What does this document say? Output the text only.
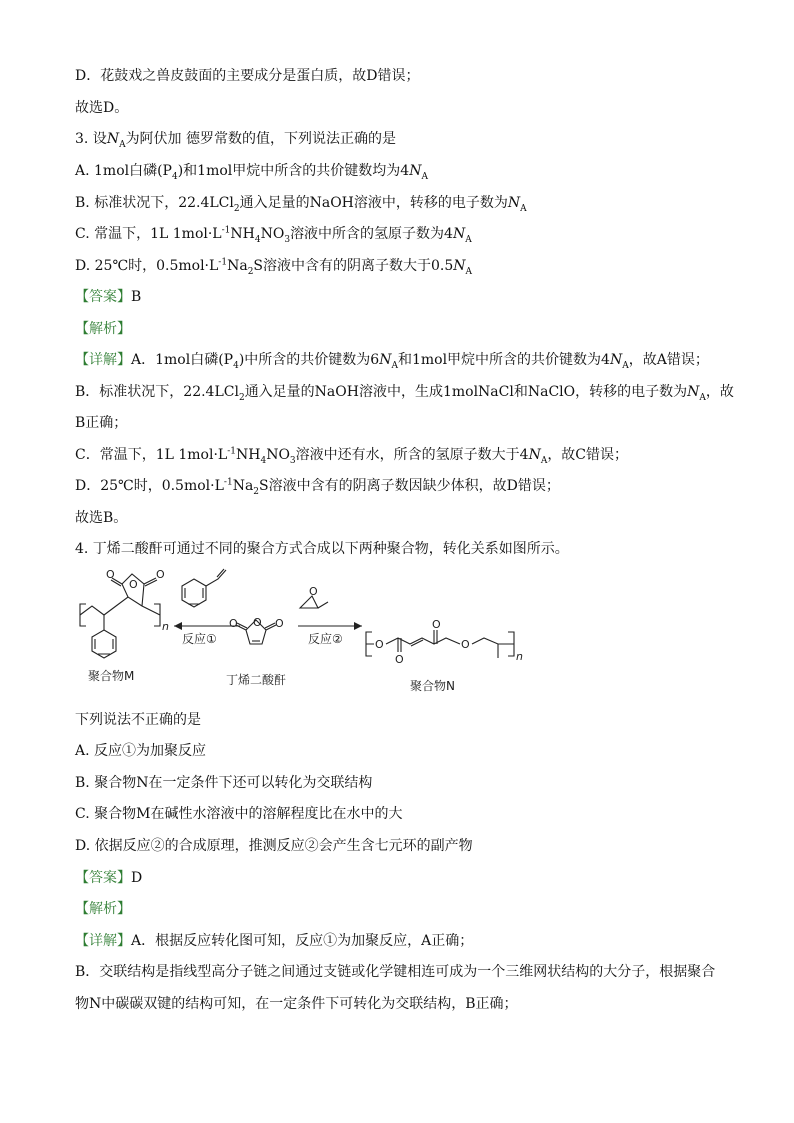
D．花鼓戏之兽皮鼓面的主要成分是蛋白质，故D错误；
故选D。
3. 设$N_A$为阿伏加 德罗常数的值，下列说法正确的是
A. 1mol白磷$(P_4)$和1mol甲烷中所含的共价键数均为$4N_A$
B. 标准状况下，22.4LCl$_2$通入足量的NaOH溶液中，转移的电子数为$N_A$
C. 常温下，1L $1mol\cdot L^{-1}NH_4NO_3$溶液中所含的氢原子数为$4N_A$
D. 25℃时，$0.5mol\cdot L^{-1}Na_2S$溶液中含有的阴离子数大于$0.5N_A$
【答案】B
【解析】
【详解】A．1mol白磷$(P_4)$中所含的共价键数为$6N_A$和1mol甲烷中所含的共价键数为$4N_A$，故A错误；
B．标准状况下，22.4LCl$_2$通入足量的NaOH溶液中，生成1molNaCl和NaClO，转移的电子数为$N_A$，故
B正确；
C．常温下，1L $1mol\cdot L^{-1}NH_4NO_3$溶液中还有水，所含的氢原子数大于$4N_A$，故C错误；
D．25℃时，$0.5mol\cdot L^{-1}Na_2S$溶液中含有的阴离子数因缺少体积，故D错误；
故选B。
4. 丁烯二酸酐可通过不同的聚合方式合成以下两种聚合物，转化关系如图所示。
O
O	O
O
O	O
O
O
O
O
O
n
n
反应①	反应②
聚合物M	丁烯二酸酐	聚合物N
下列说法不正确的是
A. 反应①为加聚反应
B. 聚合物N在一定条件下还可以转化为交联结构
C. 聚合物M在碱性水溶液中的溶解程度比在水中的大
D. 依据反应②的合成原理，推测反应②会产生含七元环的副产物
【答案】D
【解析】
【详解】A．根据反应转化图可知，反应①为加聚反应，A正确；
B．交联结构是指线型高分子链之间通过支链或化学键相连可成为一个三维网状结构的大分子，根据聚合
物N中碳碳双键的结构可知，在一定条件下可转化为交联结构，B正确；
